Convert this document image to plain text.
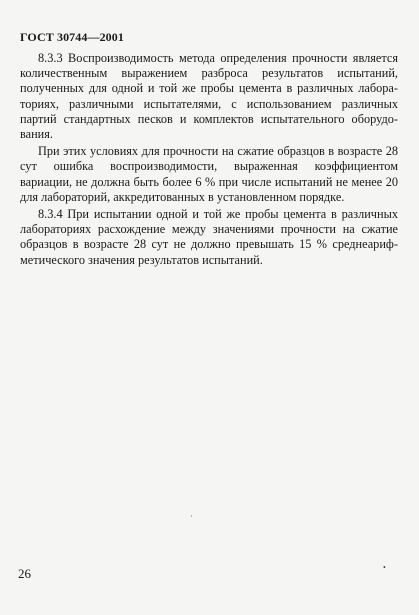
ГОСТ 30744—2001

8.3.3 Воспроизводимость метода определения прочности является количественным выражением разброса результатов испытаний, полученных для одной и той же пробы цемента в различных лабораториях, различными испытателями, с использованием различных партий стандартных песков и комплектов испытательного оборудования.

При этих условиях для прочности на сжатие образцов в возрасте 28 сут ошибка воспроизводимости, выраженная коэффициентом вариации, не должна быть более 6 % при числе испытаний не менее 20 для лабораторий, аккредитованных в установленном порядке.

8.3.4 При испытании одной и той же пробы цемента в различных лабораториях расхождение между значениями прочности на сжатие образцов в возрасте 28 сут не должно превышать 15 % среднеарифметического значения результатов испытаний.

·
•
26
